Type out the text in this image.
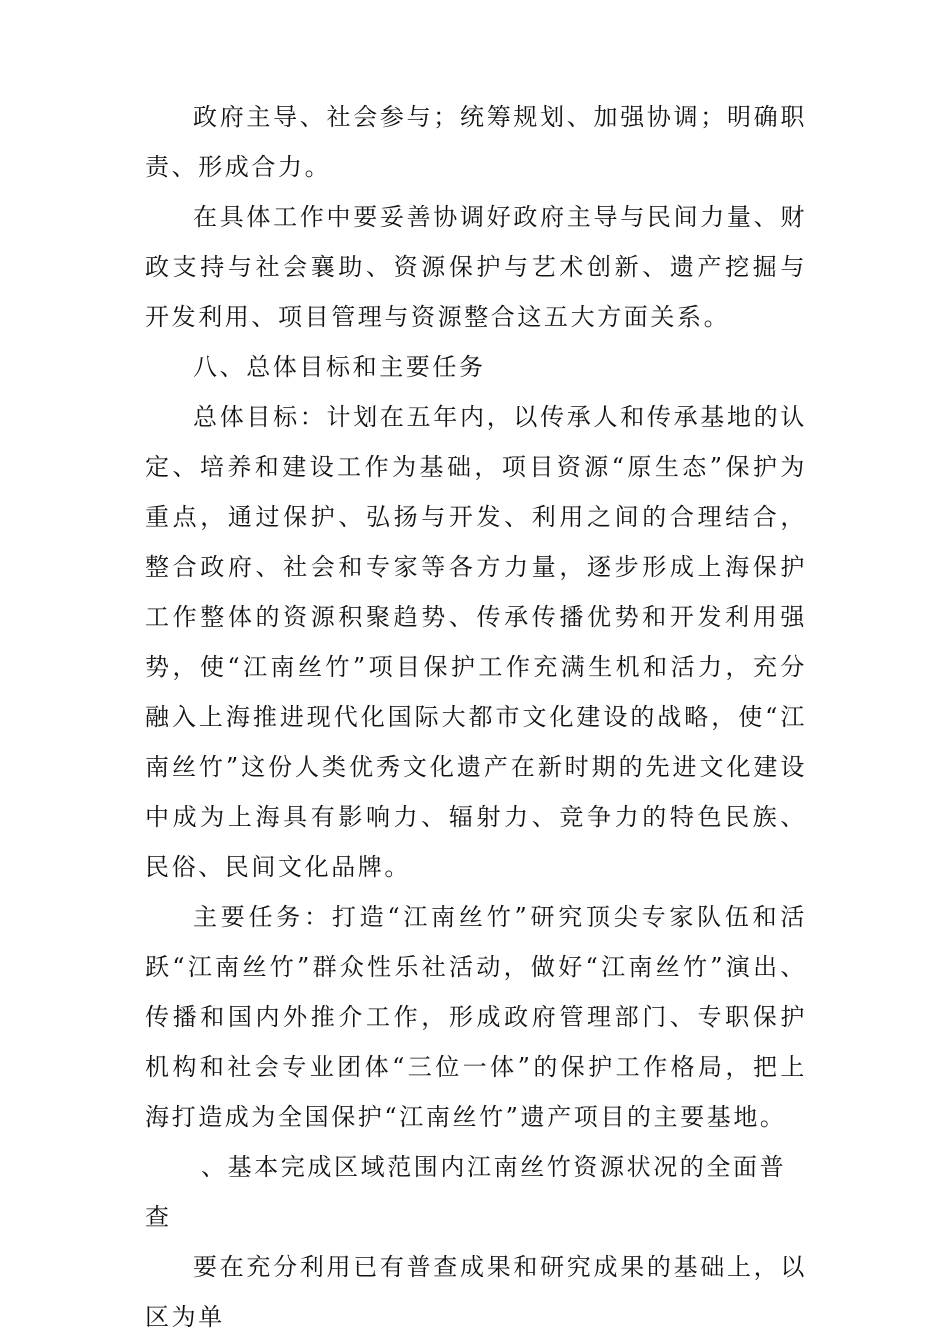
政府主导、社会参与；统筹规划、加强协调；明确职责、形成合力。

在具体工作中要妥善协调好政府主导与民间力量、财政支持与社会襄助、资源保护与艺术创新、遗产挖掘与开发利用、项目管理与资源整合这五大方面关系。

八、总体目标和主要任务

总体目标：计划在五年内，以传承人和传承基地的认定、培养和建设工作为基础，项目资源“原生态”保护为重点，通过保护、弘扬与开发、利用之间的合理结合，整合政府、社会和专家等各方力量，逐步形成上海保护工作整体的资源积聚趋势、传承传播优势和开发利用强势，使“江南丝竹”项目保护工作充满生机和活力，充分融入上海推进现代化国际大都市文化建设的战略，使“江南丝竹”这份人类优秀文化遗产在新时期的先进文化建设中成为上海具有影响力、辐射力、竞争力的特色民族、民俗、民间文化品牌。

主要任务：打造“江南丝竹”研究顶尖专家队伍和活跃“江南丝竹”群众性乐社活动，做好“江南丝竹”演出、传播和国内外推介工作，形成政府管理部门、专职保护机构和社会专业团体“三位一体”的保护工作格局，把上海打造成为全国保护“江南丝竹”遗产项目的主要基地。

、基本完成区域范围内江南丝竹资源状况的全面普查

要在充分利用已有普查成果和研究成果的基础上，以区为单
